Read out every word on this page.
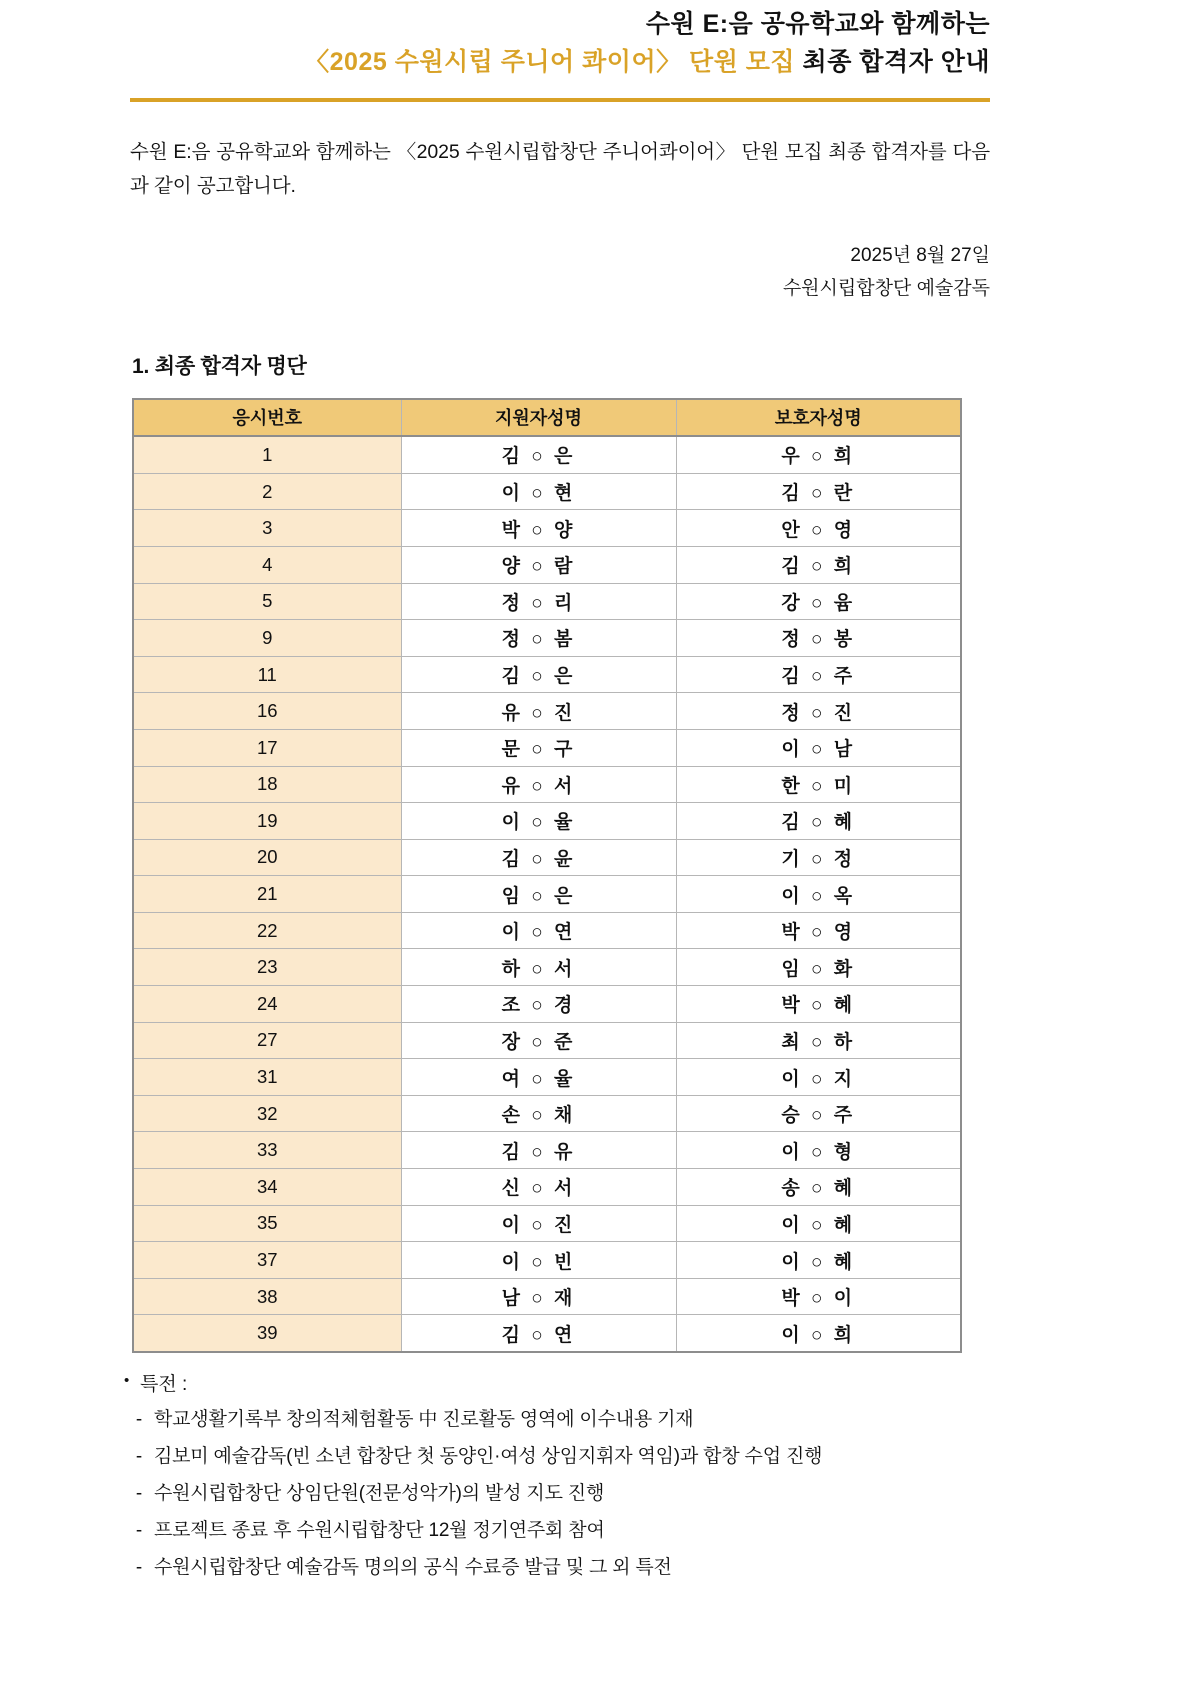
수원 E:음 공유학교와 함께하는
〈2025 수원시립 주니어 콰이어〉 단원 모집 최종 합격자 안내

수원 E:음 공유학교와 함께하는 〈2025 수원시립합창단 주니어콰이어〉 단원 모집 최종 합격자를 다음과 같이 공고합니다.

2025년 8월 27일
수원시립합창단 예술감독
1. 최종 합격자 명단
응시번호	지원자성명	보호자성명
1	김 ○ 은	우 ○ 희
2	이 ○ 현	김 ○ 란
3	박 ○ 양	안 ○ 영
4	양 ○ 람	김 ○ 희
5	정 ○ 리	강 ○ 윰
9	정 ○ 봄	정 ○ 봉
11	김 ○ 은	김 ○ 주
16	유 ○ 진	정 ○ 진
17	문 ○ 구	이 ○ 남
18	유 ○ 서	한 ○ 미
19	이 ○ 율	김 ○ 혜
20	김 ○ 윤	기 ○ 정
21	임 ○ 은	이 ○ 옥
22	이 ○ 연	박 ○ 영
23	하 ○ 서	임 ○ 화
24	조 ○ 경	박 ○ 혜
27	장 ○ 준	최 ○ 하
31	여 ○ 율	이 ○ 지
32	손 ○ 채	승 ○ 주
33	김 ○ 유	이 ○ 형
34	신 ○ 서	송 ○ 혜
35	이 ○ 진	이 ○ 혜
37	이 ○ 빈	이 ○ 혜
38	남 ○ 재	박 ○ 이
39	김 ○ 연	이 ○ 희
• 특전 :
- 학교생활기록부 창의적체험활동 中 진로활동 영역에 이수내용 기재
- 김보미 예술감독(빈 소년 합창단 첫 동양인·여성 상임지휘자 역임)과 합창 수업 진행
- 수원시립합창단 상임단원(전문성악가)의 발성 지도 진행
- 프로젝트 종료 후 수원시립합창단 12월 정기연주회 참여
- 수원시립합창단 예술감독 명의의 공식 수료증 발급 및 그 외 특전
